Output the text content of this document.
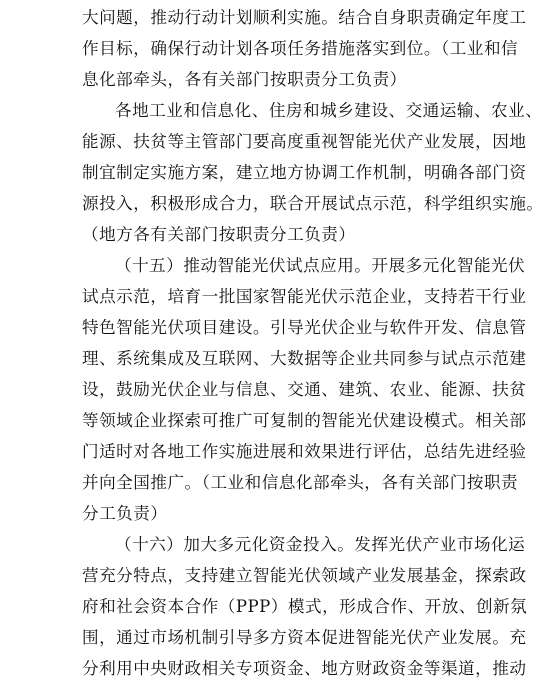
大问题，推动行动计划顺利实施。结合自身职责确定年度工
作目标，确保行动计划各项任务措施落实到位。（工业和信
息化部牵头，各有关部门按职责分工负责）
各地工业和信息化、住房和城乡建设、交通运输、农业、
能源、扶贫等主管部门要高度重视智能光伏产业发展，因地
制宜制定实施方案，建立地方协调工作机制，明确各部门资
源投入，积极形成合力，联合开展试点示范，科学组织实施。
（地方各有关部门按职责分工负责）
（十五）推动智能光伏试点应用。开展多元化智能光伏
试点示范，培育一批国家智能光伏示范企业，支持若干行业
特色智能光伏项目建设。引导光伏企业与软件开发、信息管
理、系统集成及互联网、大数据等企业共同参与试点示范建
设，鼓励光伏企业与信息、交通、建筑、农业、能源、扶贫
等领域企业探索可推广可复制的智能光伏建设模式。相关部
门适时对各地工作实施进展和效果进行评估，总结先进经验
并向全国推广。（工业和信息化部牵头，各有关部门按职责
分工负责）
（十六）加大多元化资金投入。发挥光伏产业市场化运
营充分特点，支持建立智能光伏领域产业发展基金，探索政
府和社会资本合作（PPP）模式，形成合作、开放、创新氛
围，通过市场机制引导多方资本促进智能光伏产业发展。充
分利用中央财政相关专项资金、地方财政资金等渠道，推动
